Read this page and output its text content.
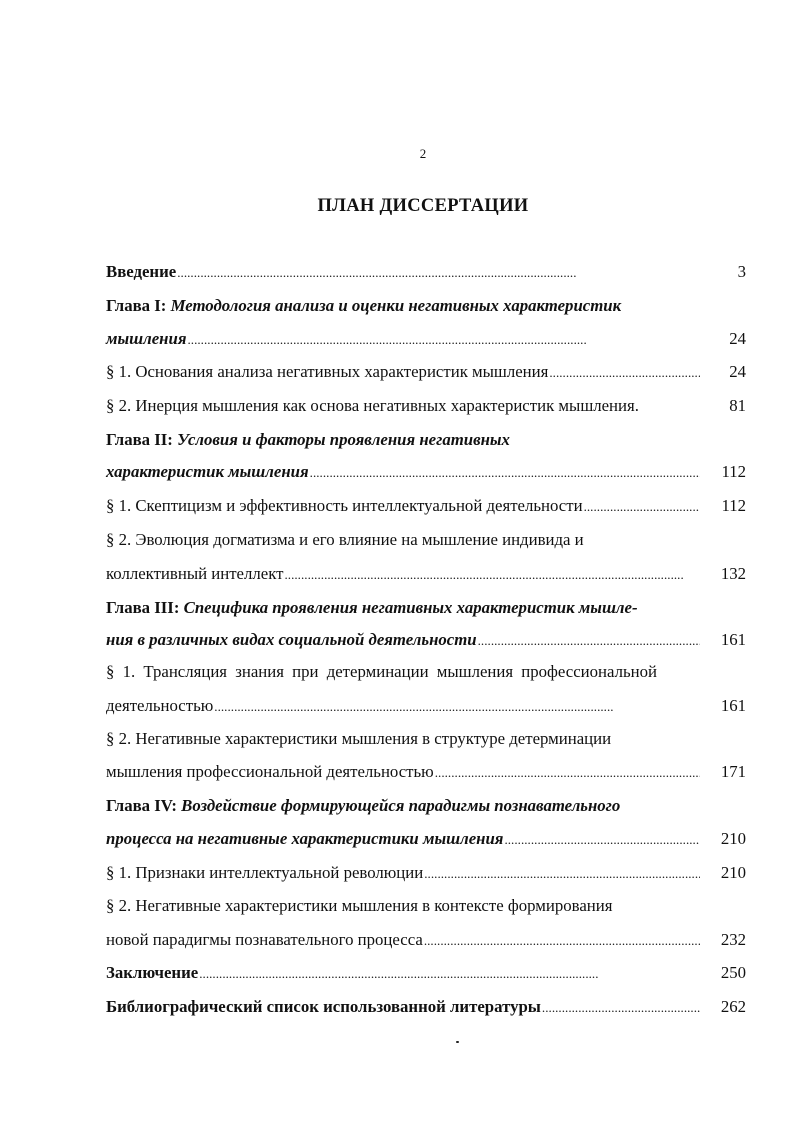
2
ПЛАН ДИССЕРТАЦИИ
Введение . . .	3
Глава I: Методология анализа и оценки негативных характеристик
мышления . . .	24
§ 1. Основания анализа негативных характеристик мышления . . .	24
§ 2. Инерция мышления как основа негативных характеристик мышления.	81
Глава II: Условия и факторы проявления негативных
характеристик мышления . . .	112
§ 1. Скептицизм и эффективность интеллектуальной деятельности . . .	112
§ 2. Эволюция догматизма и его влияние на мышление индивида и
коллективный интеллект . . .	132
Глава III: Специфика проявления негативных характеристик мышле-
ния в различных видах социальной деятельности . . .	161
§ 1. Трансляция знания при детерминации мышления профессиональной
деятельностью . . .	161
§ 2. Негативные характеристики мышления в структуре детерминации
мышления профессиональной деятельностью . . .	171
Глава IV: Воздействие формирующейся парадигмы познавательного
процесса на негативные характеристики мышления . . .	210
§ 1. Признаки интеллектуальной революции . . .	210
§ 2. Негативные характеристики мышления в контексте формирования
новой парадигмы познавательного процесса . . .	232
Заключение . . .	250
Библиографический список использованной литературы . . .	262
